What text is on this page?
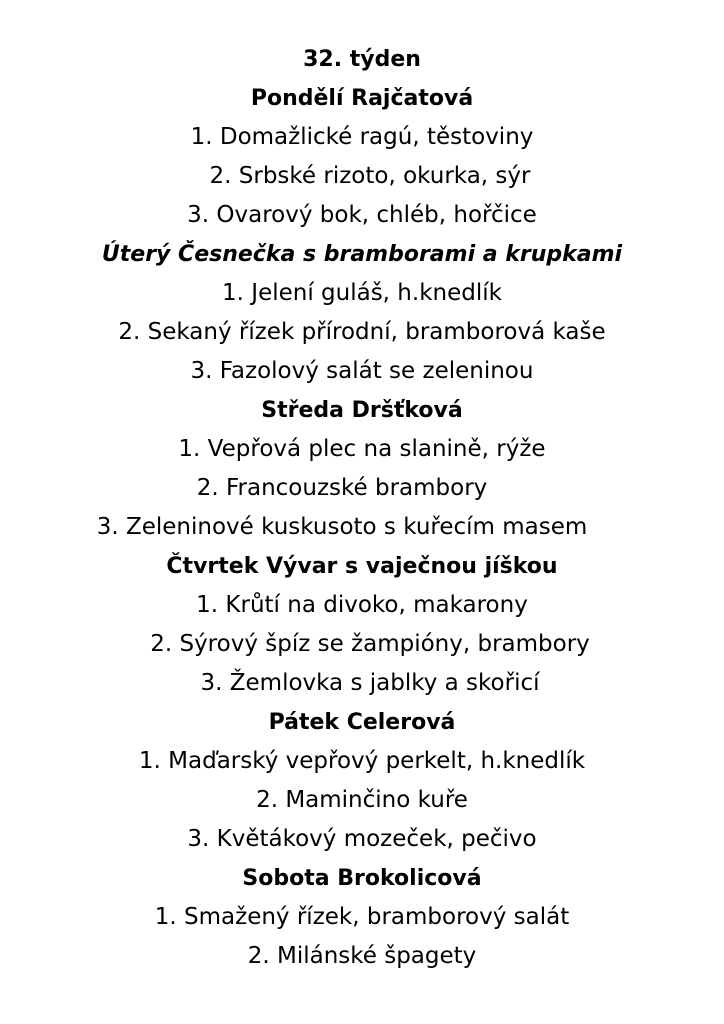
32. týden
Pondělí Rajčatová
1. Domažlické ragú, těstoviny
2. Srbské rizoto, okurka, sýr
3. Ovarový bok, chléb, hořčice
Úterý Česnečka s bramborami a krupkami
1. Jelení guláš, h.knedlík
2. Sekaný řízek přírodní, bramborová kaše
3. Fazolový salát se zeleninou
Středa Dršťková
1. Vepřová plec na slanině, rýže
2. Francouzské brambory
3. Zeleninové kuskusoto s kuřecím masem
Čtvrtek Vývar s vaječnou jíškou
1. Krůtí na divoko, makarony
2. Sýrový špíz se žampióny, brambory
3. Žemlovka s jablky a skořicí
Pátek Celerová
1. Maďarský vepřový perkelt, h.knedlík
2. Maminčino kuře
3. Květákový mozeček, pečivo
Sobota Brokolicová
1. Smažený řízek, bramborový salát
2. Milánské špagety
